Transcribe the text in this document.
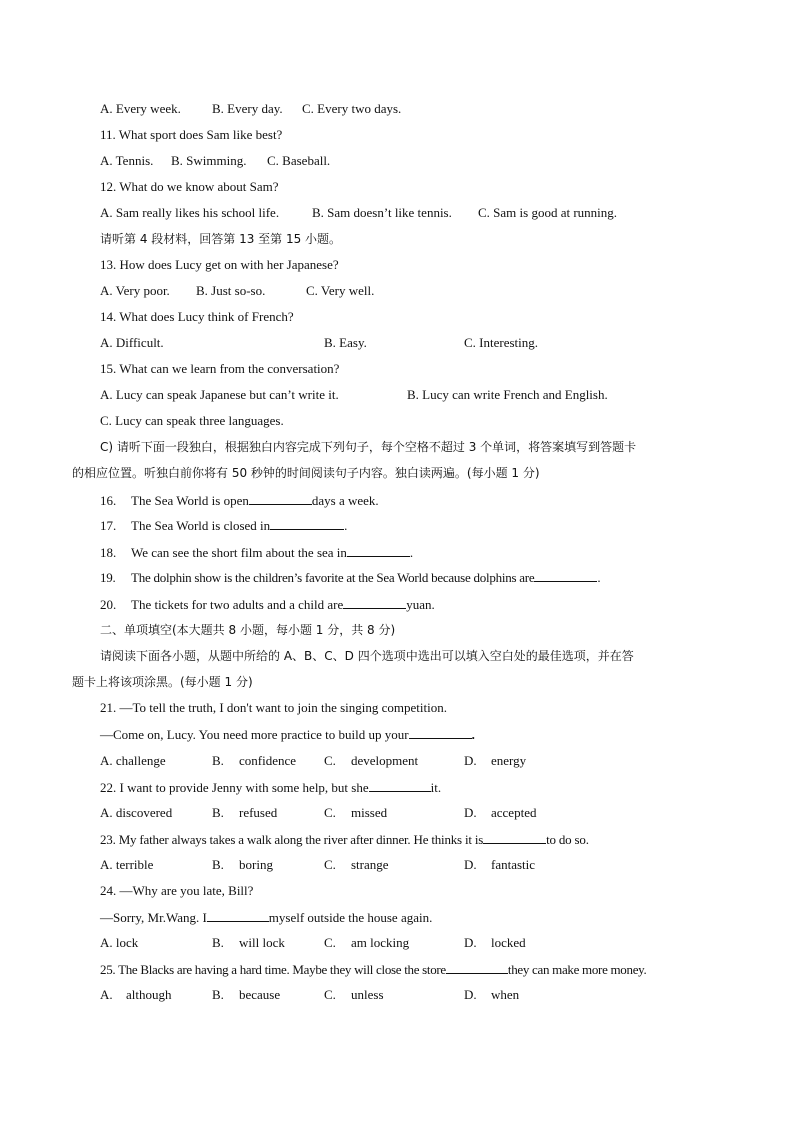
A. Every week. B. Every day. C. Every two days.
11. What sport does Sam like best?
A. Tennis. B. Swimming. C. Baseball.
12. What do we know about Sam?
A. Sam really likes his school life.	B. Sam doesn’t like tennis. C. Sam is good at running.
请听第 4 段材料，回答第 13 至第 15 小题。
13. How does Lucy get on with her Japanese?
A. Very poor. B. Just so-so.	C. Very well.
14. What does Lucy think of French?
A. Difficult.	B. Easy.	C. Interesting.
15. What can we learn from the conversation?
A. Lucy can speak Japanese but can’t write it.	B. Lucy can write French and English.
C. Lucy can speak three languages.
C) 请听下面一段独白，根据独白内容完成下列句子，每个空格不超过 3 个单词，将答案填写到答题卡
的相应位置。听独白前你将有 50 秒钟的时间阅读句子内容。独白读两遍。(每小题 1 分)
16. The Sea World is open	days a week.
17. The Sea World is closed in	.
18. We can see the short film about the sea in	.
19. The dolphin show is the children’s favorite at the Sea World because dolphins are	.
20. The tickets for two adults and a child are	yuan.
二、单项填空(本大题共 8 小题，每小题 1 分，共 8 分)
请阅读下面各小题，从题中所给的 A、B、C、D 四个选项中选出可以填入空白处的最佳选项，并在答
题卡上将该项涂黑。(每小题 1 分)
21. —To tell the truth, I don't want to join the singing competition.
—Come on, Lucy. You need more practice to build up your	.
A. challenge	B. confidence C. development	D. energy
22. I want to provide Jenny with some help, but she	it.
A. discovered	B. refused	C. missed	D. accepted
23. My father always takes a walk along the river after dinner. He thinks it is	to do so.
A. terrible	B. boring	C. strange	D. fantastic
24. —Why are you late, Bill?
—Sorry, Mr.Wang. I	myself outside the house again.
A. lock	B. will lock	C. am locking	D. locked
25. The Blacks are having a hard time. Maybe they will close the store	they can make more money.
A. although	B. because	C. unless	D. when
